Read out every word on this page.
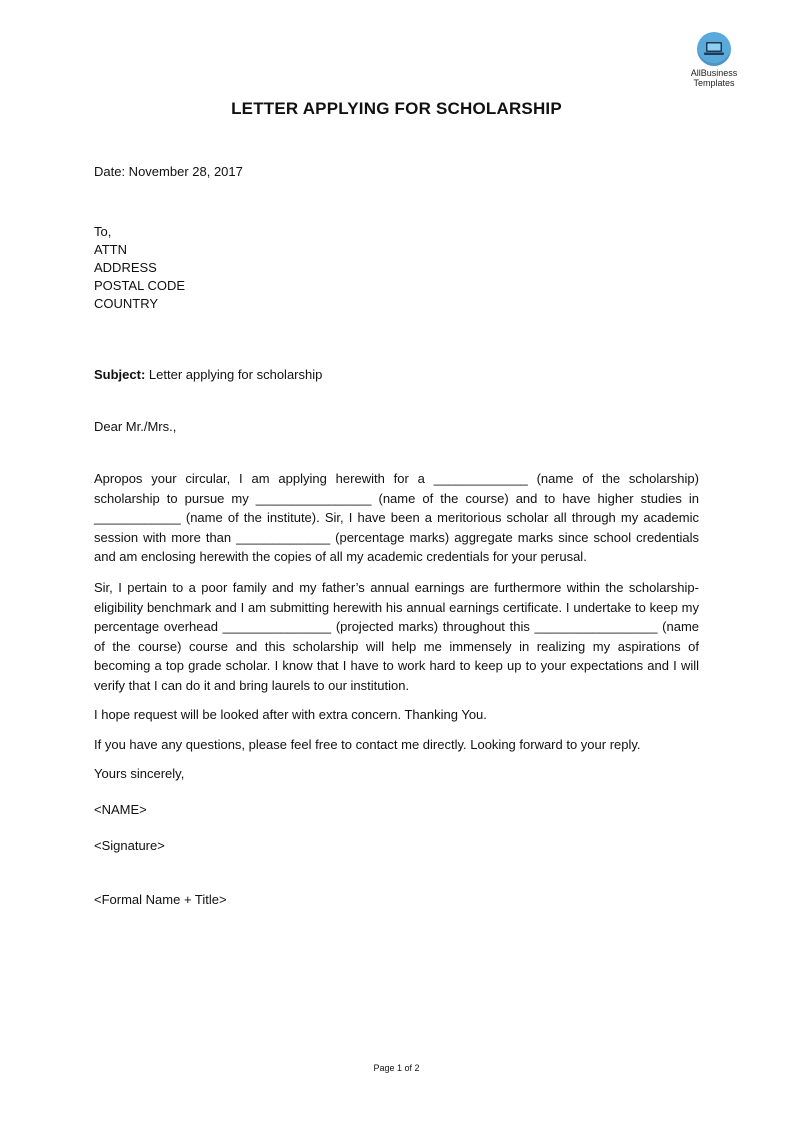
AllBusiness
Templates
LETTER APPLYING FOR SCHOLARSHIP
Date: November 28, 2017
To,
ATTN
ADDRESS
POSTAL CODE
COUNTRY
Subject: Letter applying for scholarship
Dear Mr./Mrs.,
Apropos your circular, I am applying herewith for a _____________ (name of the scholarship) scholarship to pursue my ________________ (name of the course) and to have higher studies in ____________ (name of the institute). Sir, I have been a meritorious scholar all through my academic session with more than _____________ (percentage marks) aggregate marks since school credentials and am enclosing herewith the copies of all my academic credentials for your perusal.
Sir, I pertain to a poor family and my father’s annual earnings are furthermore within the scholarship-eligibility benchmark and I am submitting herewith his annual earnings certificate. I undertake to keep my percentage overhead _______________ (projected marks) throughout this _________________ (name of the course) course and this scholarship will help me immensely in realizing my aspirations of becoming a top grade scholar. I know that I have to work hard to keep up to your expectations and I will verify that I can do it and bring laurels to our institution.
I hope request will be looked after with extra concern. Thanking You.
If you have any questions, please feel free to contact me directly. Looking forward to your reply.
Yours sincerely,
<NAME>
<Signature>
<Formal Name + Title>
Page 1 of 2
